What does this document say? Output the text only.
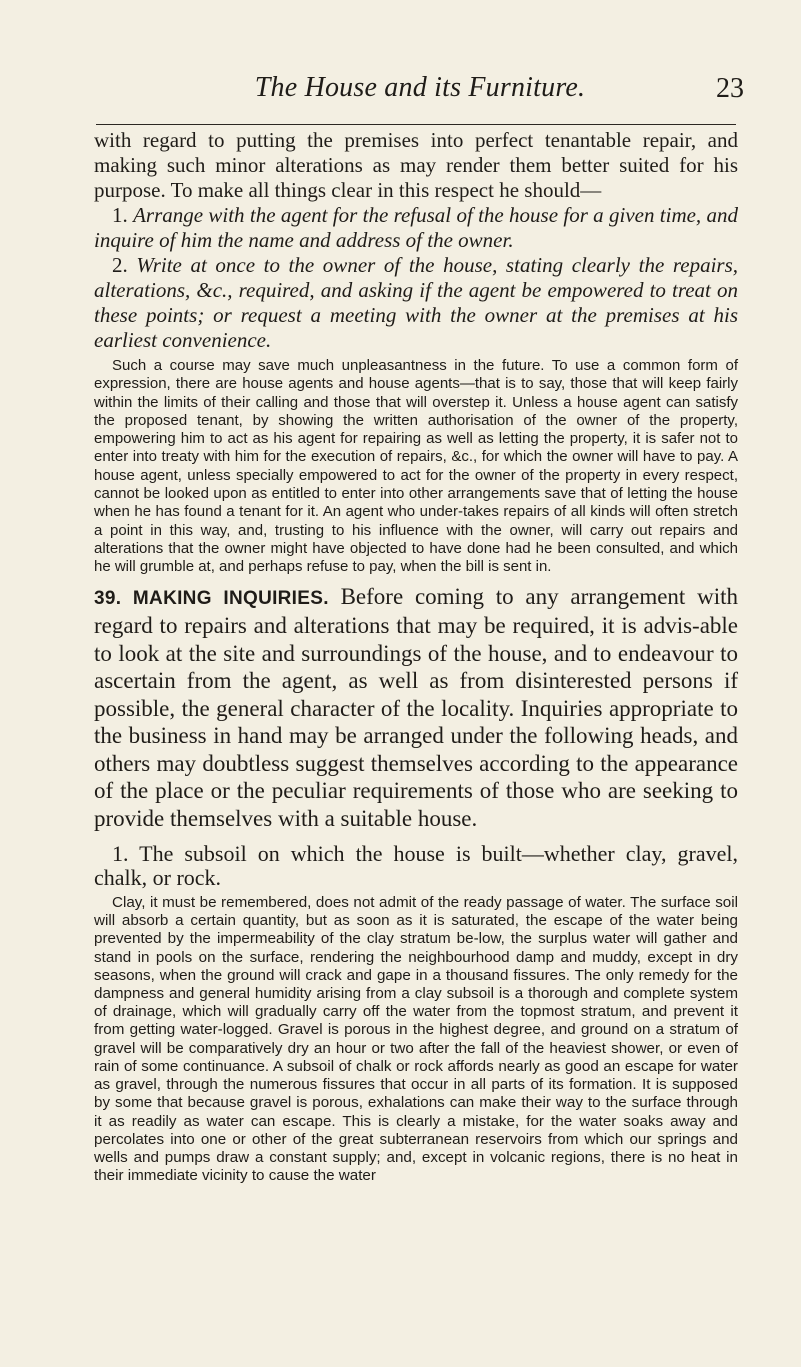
The House and its Furniture.	23

with regard to putting the premises into perfect tenantable repair, and making such minor alterations as may render them better suited for his purpose. To make all things clear in this respect he should—

1. Arrange with the agent for the refusal of the house for a given time, and inquire of him the name and address of the owner.

2. Write at once to the owner of the house, stating clearly the repairs, alterations, &c., required, and asking if the agent be empowered to treat on these points; or request a meeting with the owner at the premises at his earliest convenience.

Such a course may save much unpleasantness in the future. To use a common form of expression, there are house agents and house agents—that is to say, those that will keep fairly within the limits of their calling and those that will overstep it. Unless a house agent can satisfy the proposed tenant, by showing the written authorisation of the owner of the property, empowering him to act as his agent for repairing as well as letting the property, it is safer not to enter into treaty with him for the execution of repairs, &c., for which the owner will have to pay. A house agent, unless specially empowered to act for the owner of the property in every respect, cannot be looked upon as entitled to enter into other arrangements save that of letting the house when he has found a tenant for it. An agent who under-takes repairs of all kinds will often stretch a point in this way, and, trusting to his influence with the owner, will carry out repairs and alterations that the owner might have objected to have done had he been consulted, and which he will grumble at, and perhaps refuse to pay, when the bill is sent in.

39. MAKING INQUIRIES. Before coming to any arrangement with regard to repairs and alterations that may be required, it is advis-able to look at the site and surroundings of the house, and to endeavour to ascertain from the agent, as well as from disinterested persons if possible, the general character of the locality. Inquiries appropriate to the business in hand may be arranged under the following heads, and others may doubtless suggest themselves according to the appearance of the place or the peculiar requirements of those who are seeking to provide themselves with a suitable house.

1. The subsoil on which the house is built—whether clay, gravel, chalk, or rock.

Clay, it must be remembered, does not admit of the ready passage of water. The surface soil will absorb a certain quantity, but as soon as it is saturated, the escape of the water being prevented by the impermeability of the clay stratum be-low, the surplus water will gather and stand in pools on the surface, rendering the neighbourhood damp and muddy, except in dry seasons, when the ground will crack and gape in a thousand fissures. The only remedy for the dampness and general humidity arising from a clay subsoil is a thorough and complete system of drainage, which will gradually carry off the water from the topmost stratum, and prevent it from getting water-logged. Gravel is porous in the highest degree, and ground on a stratum of gravel will be comparatively dry an hour or two after the fall of the heaviest shower, or even of rain of some continuance. A subsoil of chalk or rock affords nearly as good an escape for water as gravel, through the numerous fissures that occur in all parts of its formation. It is supposed by some that because gravel is porous, exhalations can make their way to the surface through it as readily as water can escape. This is clearly a mistake, for the water soaks away and percolates into one or other of the great subterranean reservoirs from which our springs and wells and pumps draw a constant supply; and, except in volcanic regions, there is no heat in their immediate vicinity to cause the water
